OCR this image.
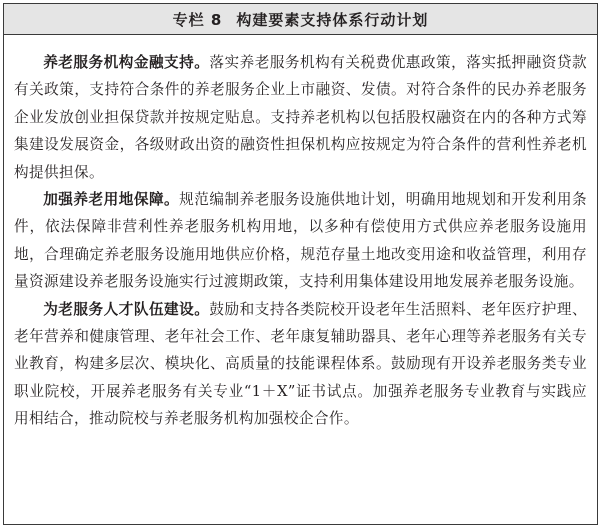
专栏 8 构建要素支持体系行动计划

养老服务机构金融支持。落实养老服务机构有关税费优惠政策，落实抵押融资贷款有关政策，支持符合条件的养老服务企业上市融资、发债。对符合条件的民办养老服务企业发放创业担保贷款并按规定贴息。支持养老机构以包括股权融资在内的各种方式筹集建设发展资金，各级财政出资的融资性担保机构应按规定为符合条件的营利性养老机构提供担保。

加强养老用地保障。规范编制养老服务设施供地计划，明确用地规划和开发利用条件，依法保障非营利性养老服务机构用地，以多种有偿使用方式供应养老服务设施用地，合理确定养老服务设施用地供应价格，规范存量土地改变用途和收益管理，利用存量资源建设养老服务设施实行过渡期政策，支持利用集体建设用地发展养老服务设施。

为老服务人才队伍建设。鼓励和支持各类院校开设老年生活照料、老年医疗护理、老年营养和健康管理、老年社会工作、老年康复辅助器具、老年心理等养老服务有关专业教育，构建多层次、模块化、高质量的技能课程体系。鼓励现有开设养老服务类专业职业院校，开展养老服务有关专业“1＋X”证书试点。加强养老服务专业教育与实践应用相结合，推动院校与养老服务机构加强校企合作。
